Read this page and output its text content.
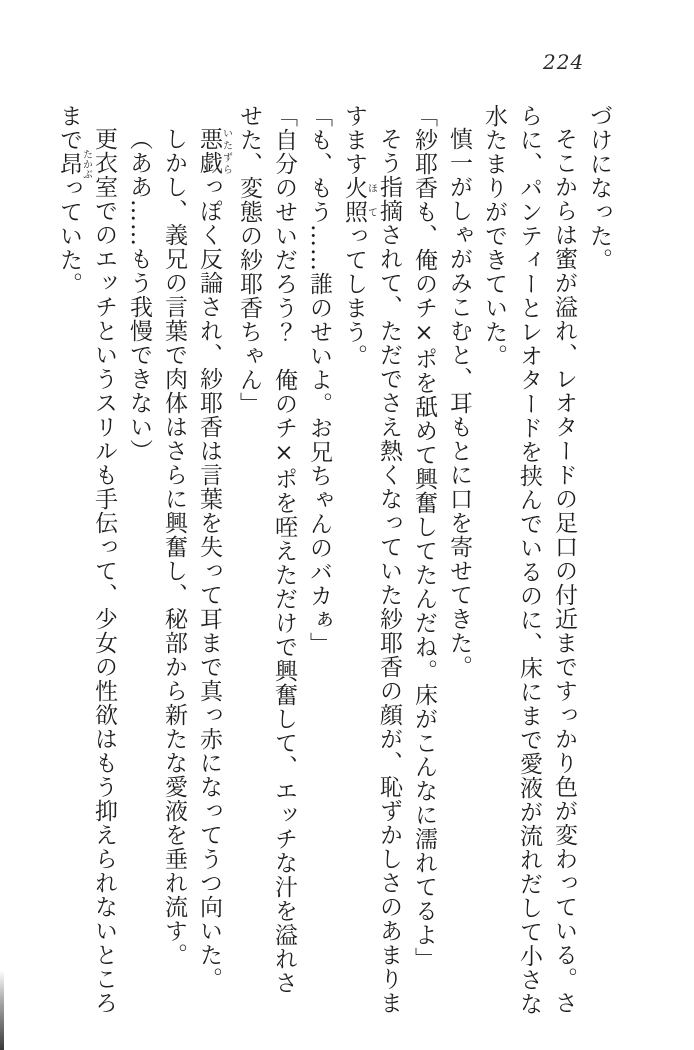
224

づけになった。

そこからは蜜が溢れ、レオタードの足口の付近まですっかり色が変わっている。さらに、パンティーとレオタードを挟んでいるのに、床にまで愛液が流れだして小さな水たまりができていた。

慎一がしゃがみこむと、耳もとに口を寄せてきた。

「紗耶香も、俺のチ×ポを舐めて興奮してたんだね。床がこんなに濡れてるよ」

そう指摘されて、ただでさえ熱くなっていた紗耶香の顔が、恥ずかしさのあまりますます火照ほてってしまう。

「も、もう……誰のせいよ。お兄ちゃんのバカぁ」

「自分のせいだろう？　俺のチ×ポを咥えただけで興奮して、エッチな汁を溢れさせた、変態の紗耶香ちゃん」

悪戯いたずらっぽく反論され、紗耶香は言葉を失って耳まで真っ赤になってうつ向いた。

しかし、義兄の言葉で肉体はさらに興奮し、秘部から新たな愛液を垂れ流す。

（ああ……もう我慢できない）

更衣室でのエッチというスリルも手伝って、少女の性欲はもう抑えられないところまで昂たかぶっていた。
